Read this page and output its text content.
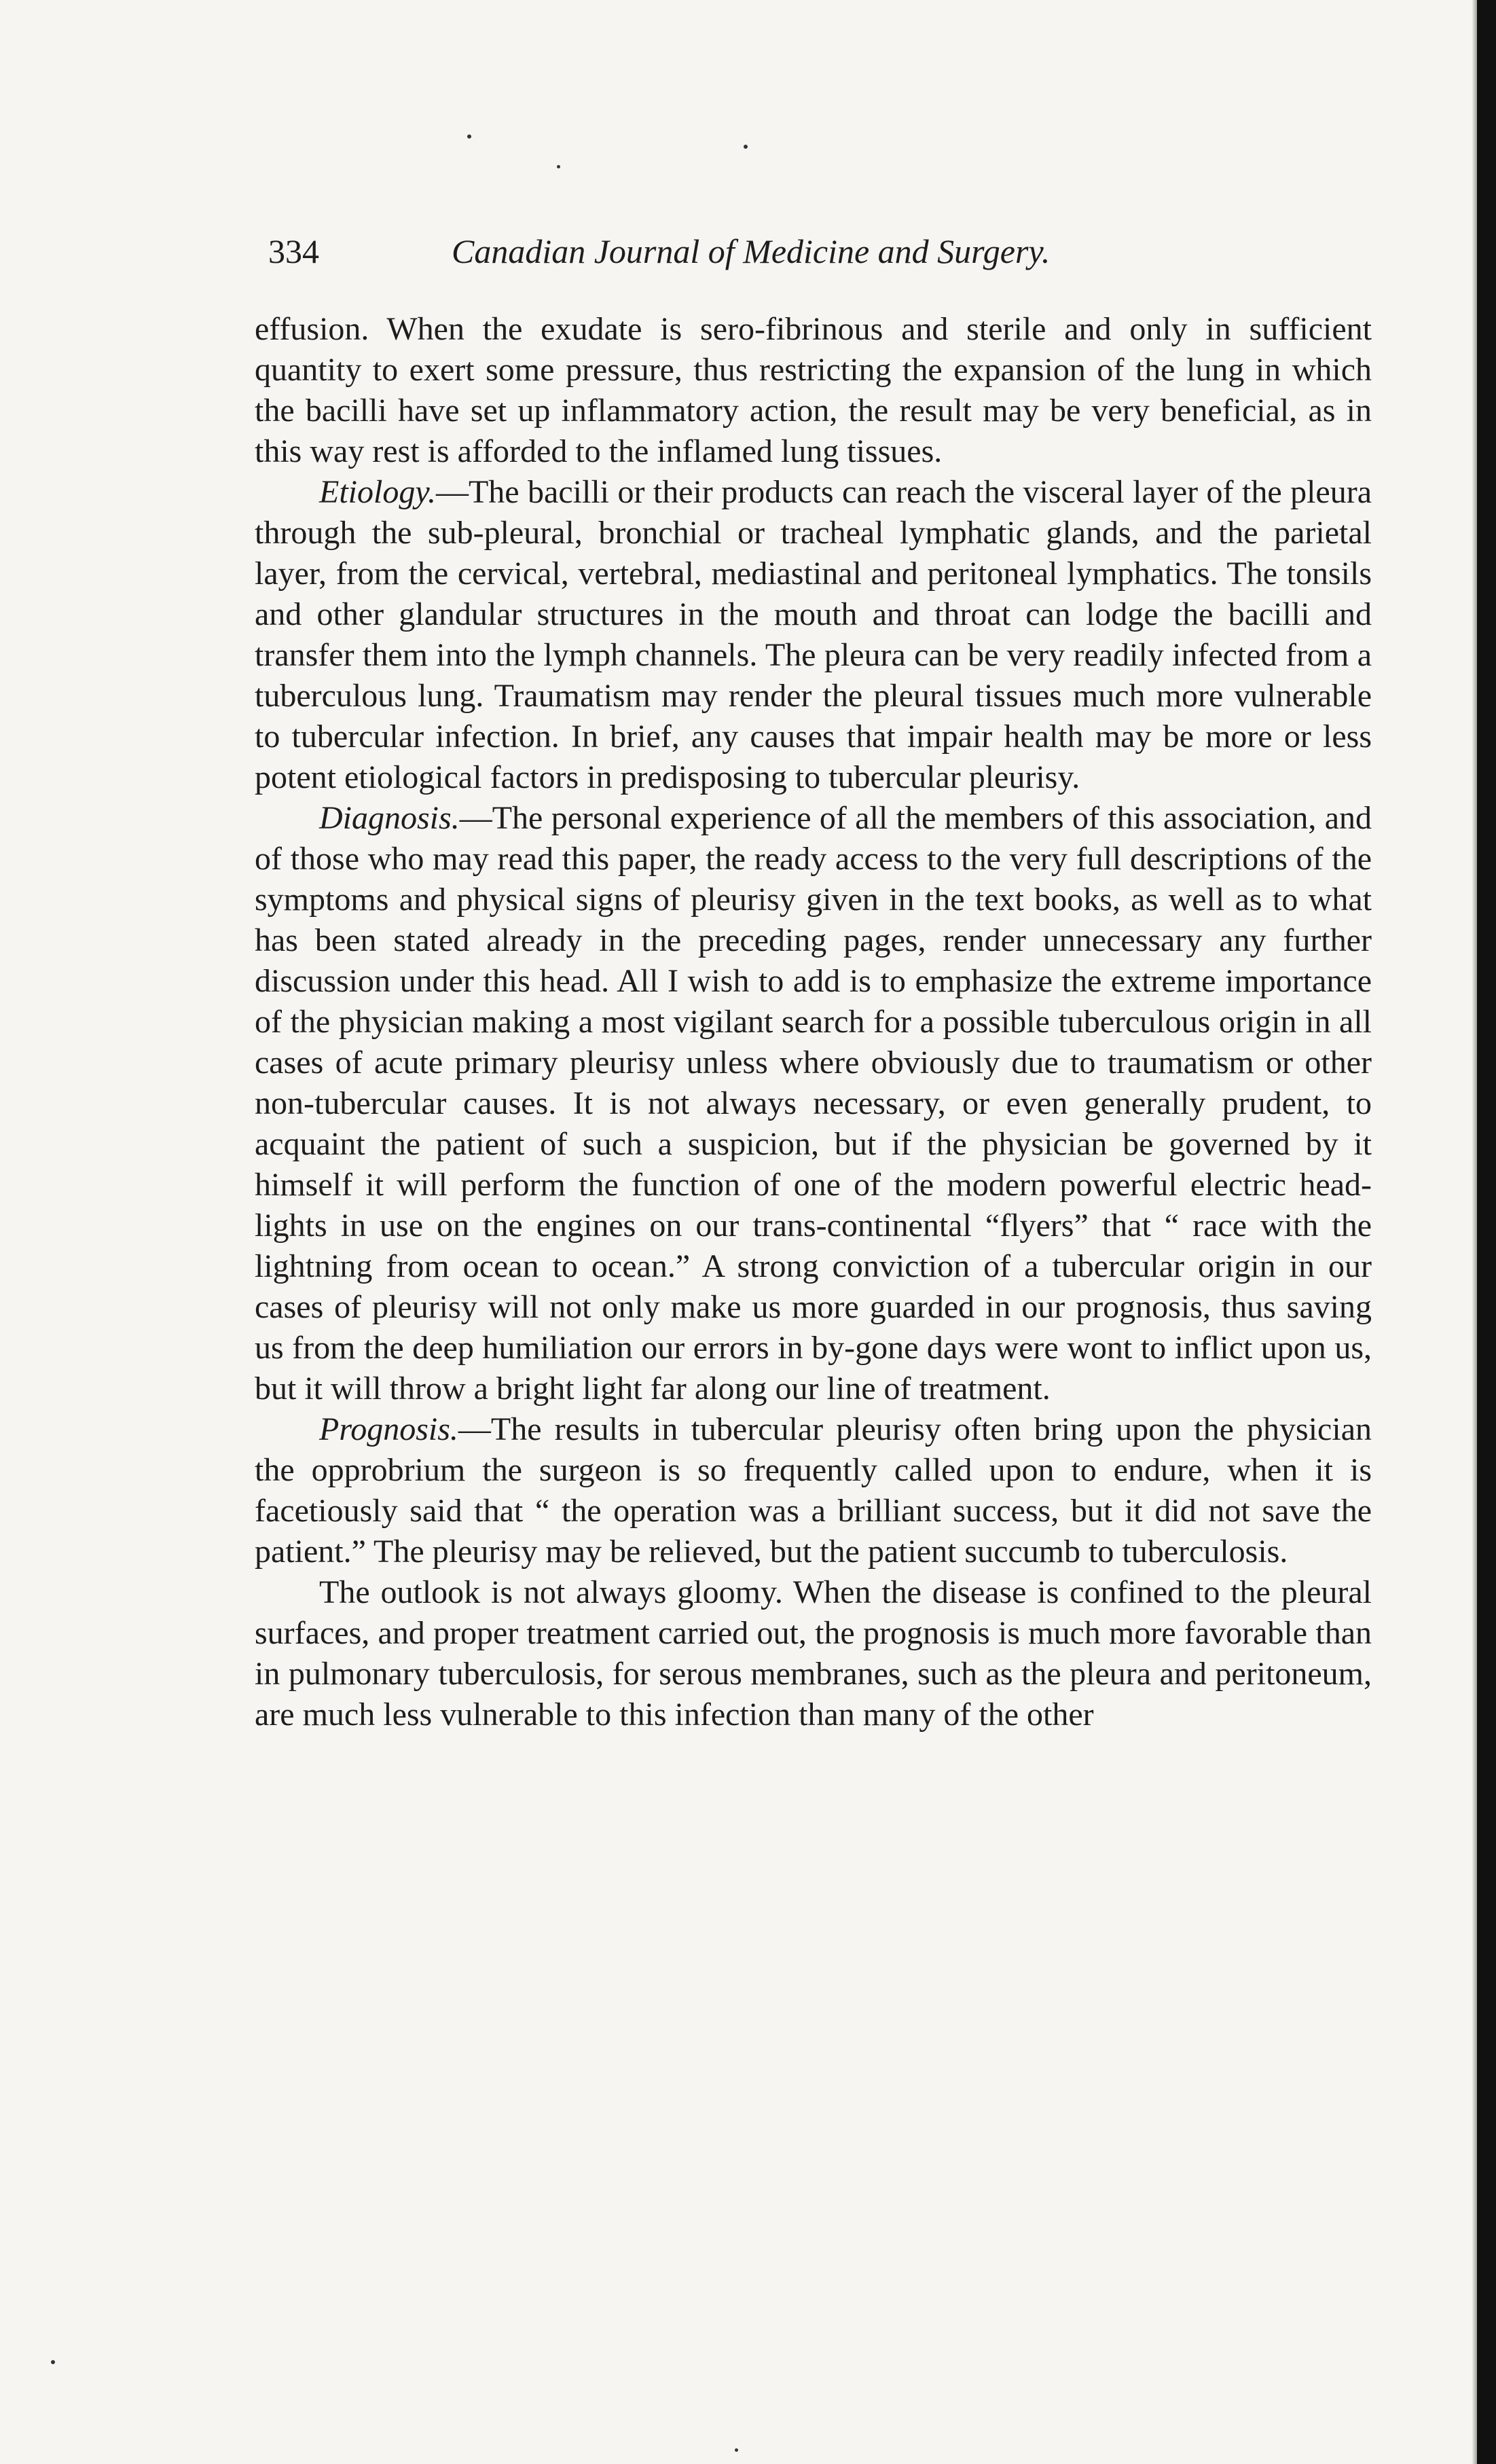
334	Canadian Journal of Medicine and Surgery.

effusion. When the exudate is sero-fibrinous and sterile and only in sufficient quantity to exert some pressure, thus restricting the expansion of the lung in which the bacilli have set up inflammatory action, the result may be very beneficial, as in this way rest is afforded to the inflamed lung tissues.

Etiology.—The bacilli or their products can reach the visceral layer of the pleura through the sub-pleural, bronchial or tracheal lymphatic glands, and the parietal layer, from the cervical, vertebral, mediastinal and peritoneal lymphatics. The tonsils and other glandular structures in the mouth and throat can lodge the bacilli and transfer them into the lymph channels. The pleura can be very readily infected from a tuberculous lung. Traumatism may render the pleural tissues much more vulnerable to tubercular infection. In brief, any causes that impair health may be more or less potent etiological factors in predisposing to tubercular pleurisy.

Diagnosis.—The personal experience of all the members of this association, and of those who may read this paper, the ready access to the very full descriptions of the symptoms and physical signs of pleurisy given in the text books, as well as to what has been stated already in the preceding pages, render unnecessary any further discussion under this head. All I wish to add is to emphasize the extreme importance of the physician making a most vigilant search for a possible tuberculous origin in all cases of acute primary pleurisy unless where obviously due to traumatism or other non-tubercular causes. It is not always necessary, or even generally prudent, to acquaint the patient of such a suspicion, but if the physician be governed by it himself it will perform the function of one of the modern powerful electric head-lights in use on the engines on our trans-continental “flyers” that “ race with the lightning from ocean to ocean.” A strong conviction of a tubercular origin in our cases of pleurisy will not only make us more guarded in our prognosis, thus saving us from the deep humiliation our errors in by-gone days were wont to inflict upon us, but it will throw a bright light far along our line of treatment.

Prognosis.—The results in tubercular pleurisy often bring upon the physician the opprobrium the surgeon is so frequently called upon to endure, when it is facetiously said that “ the operation was a brilliant success, but it did not save the patient.” The pleurisy may be relieved, but the patient succumb to tuberculosis.

The outlook is not always gloomy. When the disease is confined to the pleural surfaces, and proper treatment carried out, the prognosis is much more favorable than in pulmonary tuberculosis, for serous membranes, such as the pleura and peritoneum, are much less vulnerable to this infection than many of the other
